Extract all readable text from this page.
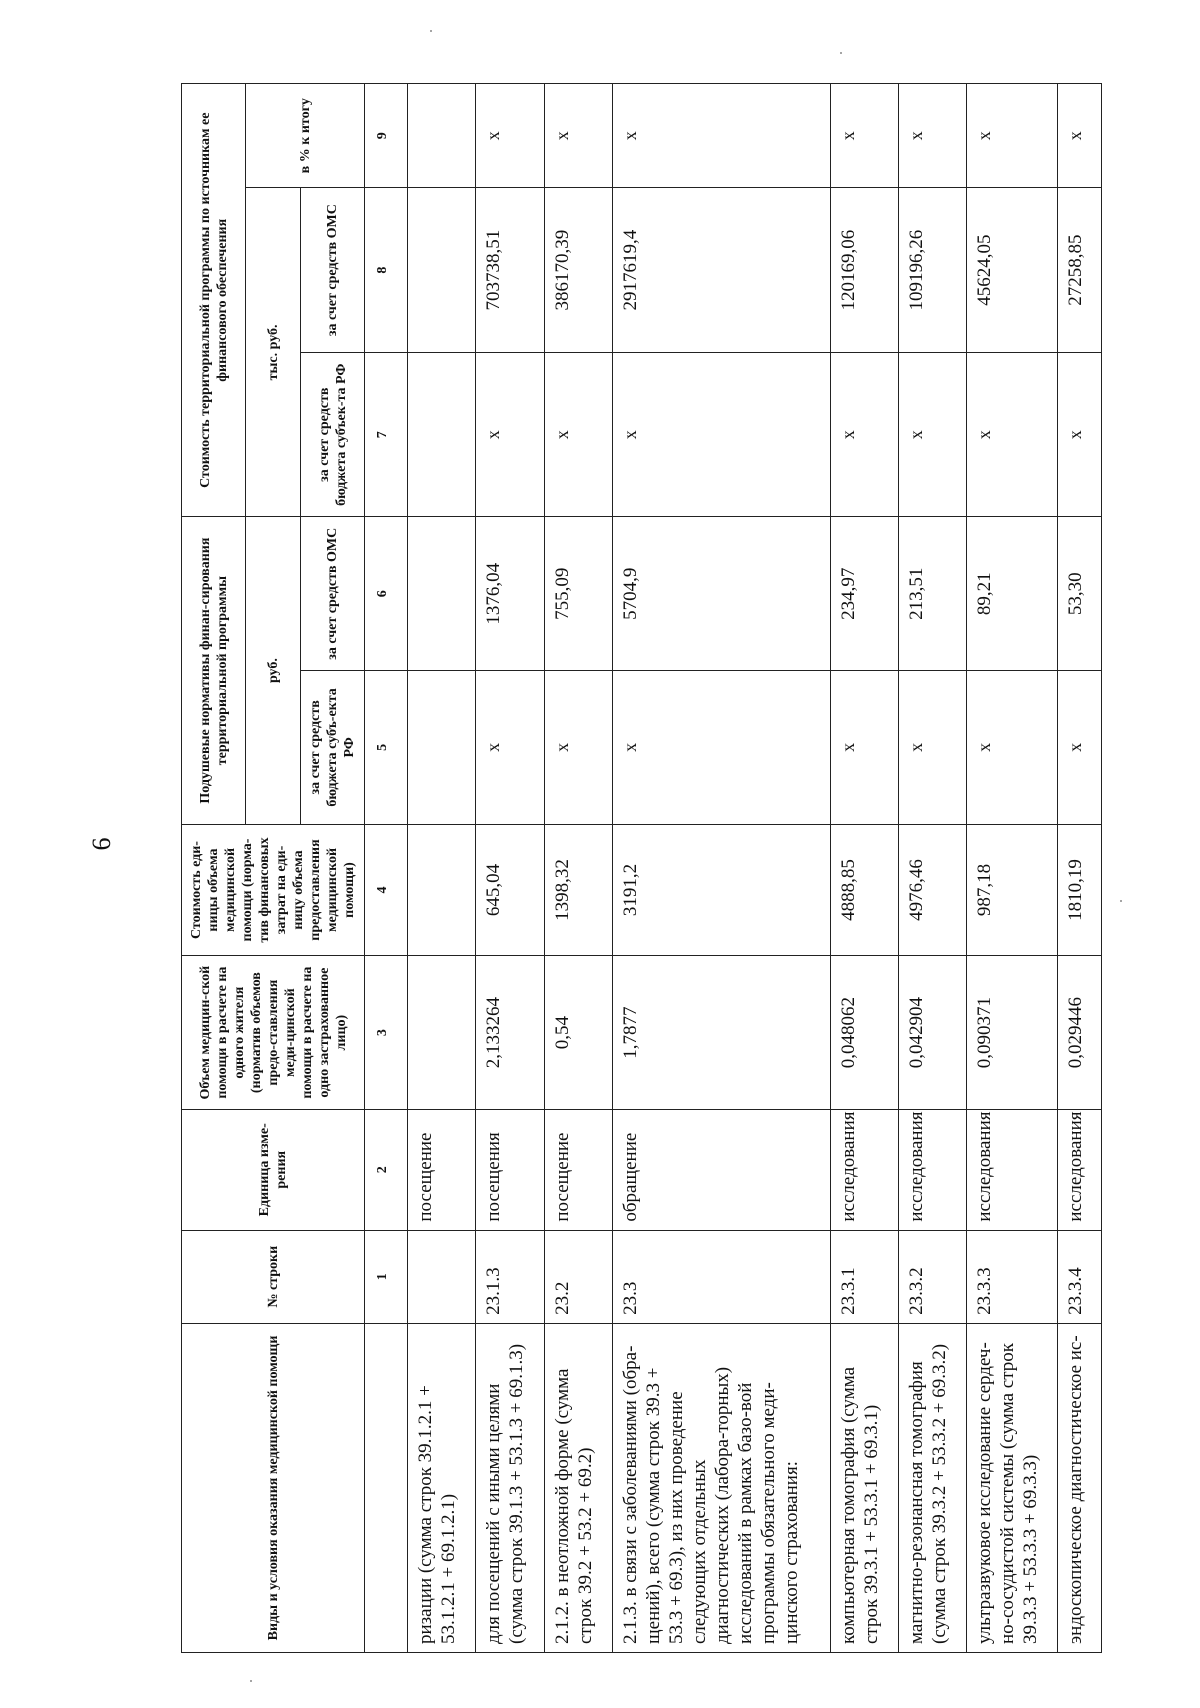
6
Виды и условия оказания медицинской помощи	№ строки	Единица изме-рения	Объем медицин-ской помощи в расчете на одного жителя (норматив объемов предо-ставления меди-цинской помощи в расчете на одно застрахованное лицо)	Стоимость еди-ницы объема медицинской помощи (норма-тив финансовых затрат на еди-ницу объема предоставления медицинской помощи)	Подушевые нормативы финан-сирования территориальной программы		Стоимость территориальной программы по источникам ее финансового обеспечения		
					руб.		тыс. руб.		в % к итогу
					за счет средств бюджета субъ-екта РФ	за счет средств ОМС	за счет средств бюджета субъек-та РФ	за счет средств ОМС	
	1	2	3	4	5	6	7	8	9
ризации (сумма строк 39.1.2.1 + 53.1.2.1 + 69.1.2.1)		посещение							
для посещений с иными целями (сумма строк 39.1.3 + 53.1.3 + 69.1.3)	23.1.3	посещения	2,133264	645,04	х	1376,04	х	703738,51	х
2.1.2. в неотложной форме (сумма строк 39.2 + 53.2 + 69.2)	23.2	посещение	0,54	1398,32	х	755,09	х	386170,39	х
2.1.3. в связи с заболеваниями (обра-щений), всего (сумма строк 39.3 + 53.3 + 69.3), из них проведение следующих отдельных диагностических (лабора-торных) исследований в рамках базо-вой программы обязательного меди-цинского страхования:	23.3	обращение	1,7877	3191,2	х	5704,9	х	2917619,4	х
компьютерная томография (сумма строк 39.3.1 + 53.3.1 + 69.3.1)	23.3.1	исследования	0,048062	4888,85	х	234,97	х	120169,06	х
магнитно-резонансная томография (сумма строк 39.3.2 + 53.3.2 + 69.3.2)	23.3.2	исследования	0,042904	4976,46	х	213,51	х	109196,26	х
ультразвуковое исследование сердеч-но-сосудистой системы (сумма строк 39.3.3 + 53.3.3 + 69.3.3)	23.3.3	исследования	0,090371	987,18	х	89,21	х	45624,05	х
эндоскопическое диагностическое ис-	23.3.4	исследования	0,029446	1810,19	х	53,30	х	27258,85	х
